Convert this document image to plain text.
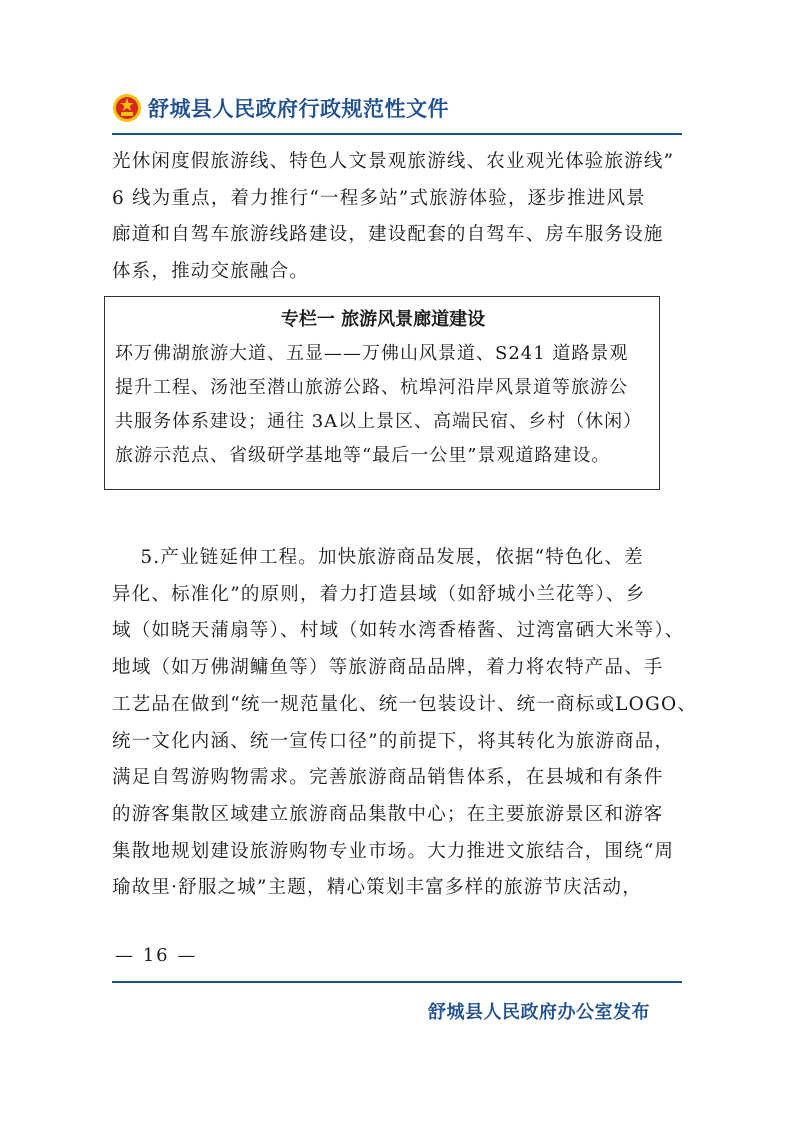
舒城县人民政府行政规范性文件

光休闲度假旅游线、特色人文景观旅游线、农业观光体验旅游线”

6 线为重点，着力推行“一程多站”式旅游体验，逐步推进风景

廊道和自驾车旅游线路建设，建设配套的自驾车、房车服务设施

体系，推动交旅融合。

专栏一 旅游风景廊道建设

环万佛湖旅游大道、五显——万佛山风景道、S241 道路景观

提升工程、汤池至潜山旅游公路、杭埠河沿岸风景道等旅游公

共服务体系建设；通往 3A以上景区、高端民宿、乡村（休闲）

旅游示范点、省级研学基地等“最后一公里”景观道路建设。

5.产业链延伸工程。加快旅游商品发展，依据“特色化、差

异化、标准化”的原则，着力打造县域（如舒城小兰花等）、乡

域（如晓天蒲扇等）、村域（如转水湾香椿酱、过湾富硒大米等）、

地域（如万佛湖鳙鱼等）等旅游商品品牌，着力将农特产品、手

工艺品在做到“统一规范量化、统一包装设计、统一商标或LOGO、

统一文化内涵、统一宣传口径”的前提下，将其转化为旅游商品，

满足自驾游购物需求。完善旅游商品销售体系，在县城和有条件

的游客集散区域建立旅游商品集散中心；在主要旅游景区和游客

集散地规划建设旅游购物专业市场。大力推进文旅结合，围绕“周

瑜故里·舒服之城”主题，精心策划丰富多样的旅游节庆活动，

— 16 —
舒城县人民政府办公室发布
